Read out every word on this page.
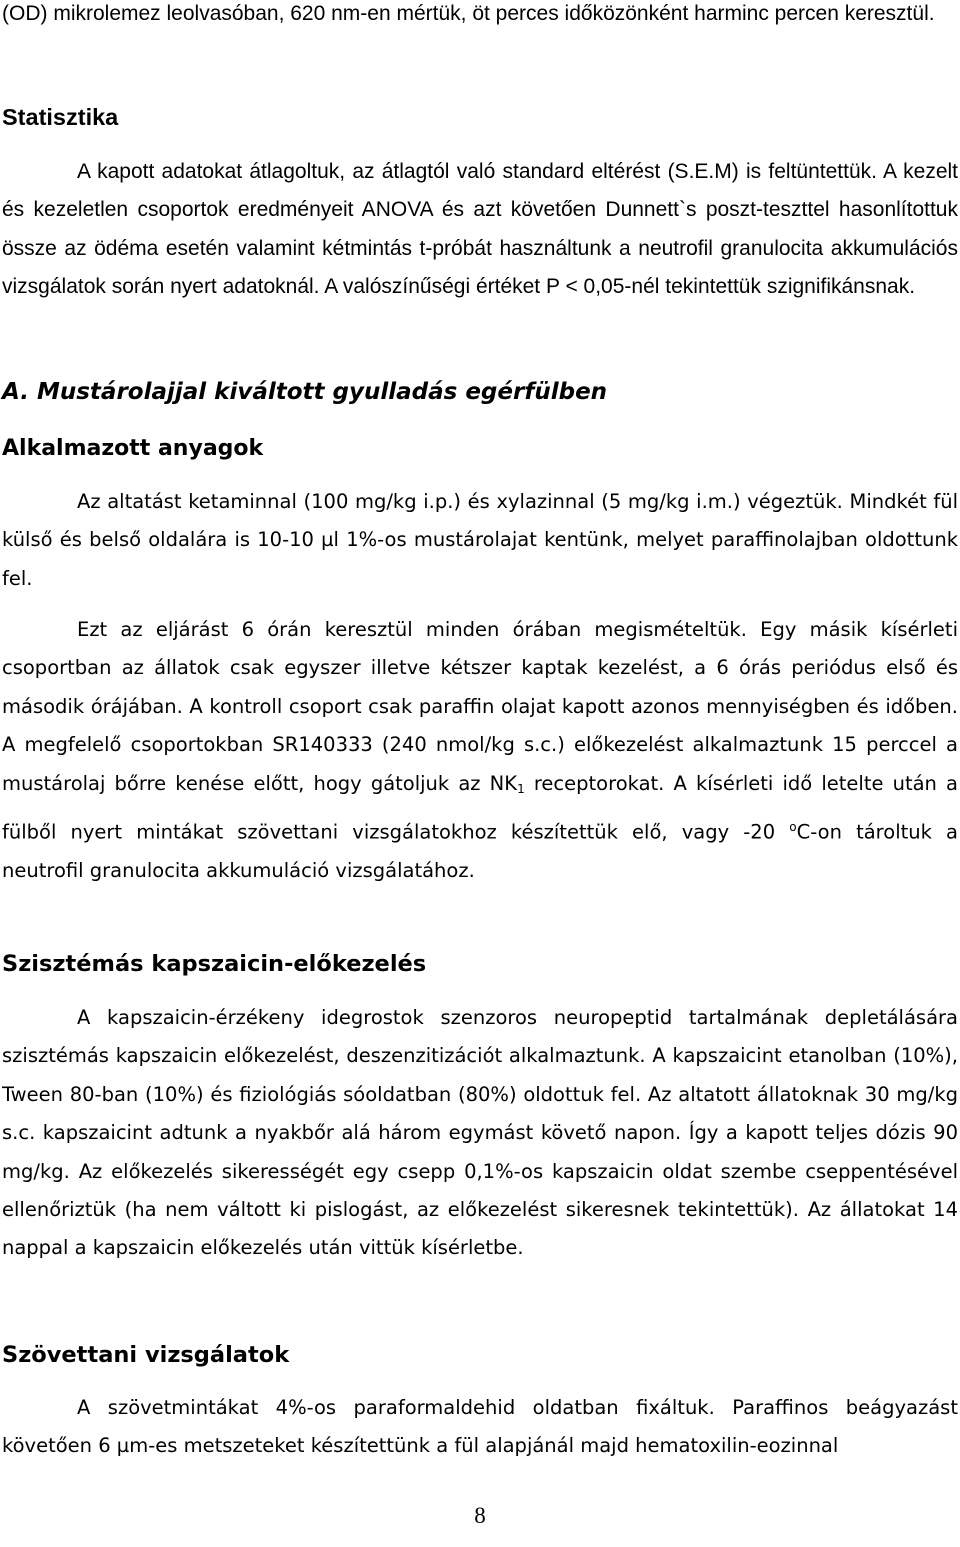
(OD) mikrolemez leolvasóban, 620 nm-en mértük, öt perces időközönként harminc percen keresztül.

Statisztika

A kapott adatokat átlagoltuk, az átlagtól való standard eltérést (S.E.M) is feltüntettük. A kezelt és kezeletlen csoportok eredményeit ANOVA és azt követően Dunnett`s poszt-teszttel hasonlítottuk össze az ödéma esetén valamint kétmintás t-próbát használtunk a neutrofil granulocita akkumulációs vizsgálatok során nyert adatoknál. A valószínűségi értéket P < 0,05-nél tekintettük szignifikánsnak.

A. Mustárolajjal kiváltott gyulladás egérfülben
Alkalmazott anyagok

Az altatást ketaminnal (100 mg/kg i.p.) és xylazinnal (5 mg/kg i.m.) végeztük. Mindkét fül külső és belső oldalára is 10-10 µl 1%-os mustárolajat kentünk, melyet paraffinolajban oldottunk fel.

Ezt az eljárást 6 órán keresztül minden órában megismételtük. Egy másik kísérleti csoportban az állatok csak egyszer illetve kétszer kaptak kezelést, a 6 órás periódus első és második órájában. A kontroll csoport csak paraffin olajat kapott azonos mennyiségben és időben. A megfelelő csoportokban SR140333 (240 nmol/kg s.c.) előkezelést alkalmaztunk 15 perccel a mustárolaj bőrre kenése előtt, hogy gátoljuk az $NK_1$ receptorokat. A kísérleti idő letelte után a fülből nyert mintákat szövettani vizsgálatokhoz készítettük elő, vagy -20 $^o$C-on tároltuk a neutrofil granulocita akkumuláció vizsgálatához.

Szisztémás kapszaicin-előkezelés

A kapszaicin-érzékeny idegrostok szenzoros neuropeptid tartalmának depletálására szisztémás kapszaicin előkezelést, deszenzitizációt alkalmaztunk. A kapszaicint etanolban (10%), Tween 80-ban (10%) és fiziológiás sóoldatban (80%) oldottuk fel. Az altatott állatoknak 30 mg/kg s.c. kapszaicint adtunk a nyakbőr alá három egymást követő napon. Így a kapott teljes dózis 90 mg/kg. Az előkezelés sikerességét egy csepp 0,1%-os kapszaicin oldat szembe cseppentésével ellenőriztük (ha nem váltott ki pislogást, az előkezelést sikeresnek tekintettük). Az állatokat 14 nappal a kapszaicin előkezelés után vittük kísérletbe.

Szövettani vizsgálatok

A szövetmintákat 4%-os paraformaldehid oldatban fixáltuk. Paraffinos beágyazást követően 6 µm-es metszeteket készítettünk a fül alapjánál majd hematoxilin-eozinnal

8
